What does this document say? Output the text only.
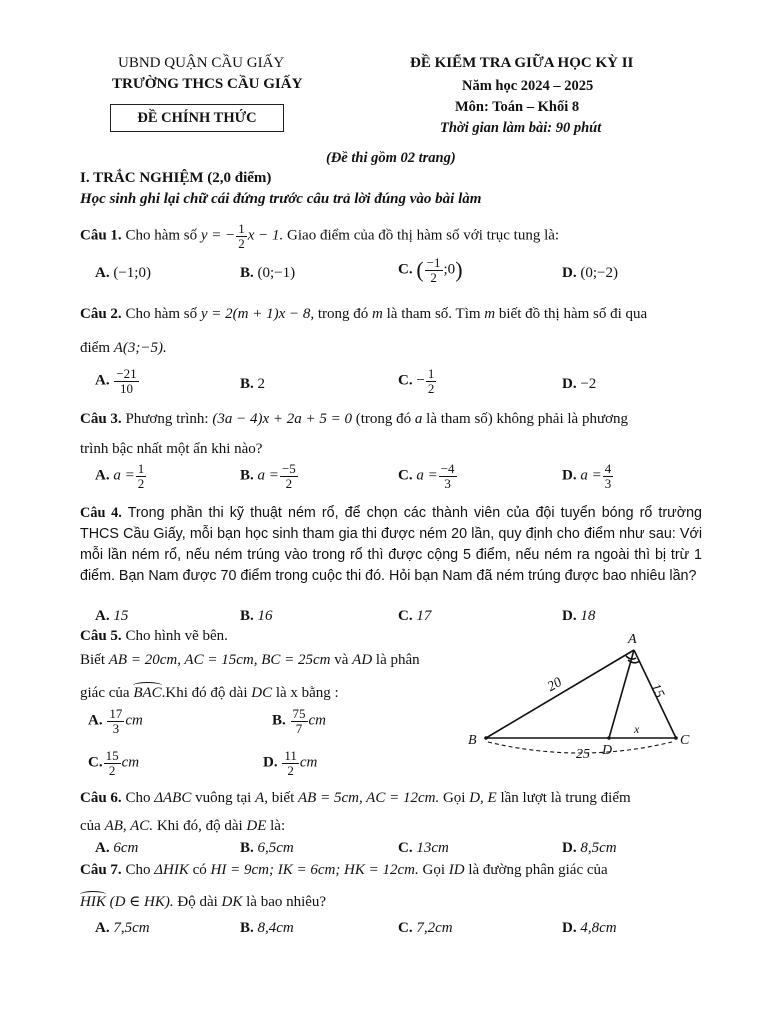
UBND QUẬN CẦU GIẤY
TRƯỜNG THCS CẦU GIẤY
ĐỀ CHÍNH THỨC
ĐỀ KIỂM TRA GIỮA HỌC KỲ II
Năm học 2024 – 2025
Môn: Toán – Khối 8
Thời gian làm bài: 90 phút
(Đề thi gồm 02 trang)
I. TRẮC NGHIỆM (2,0 điểm)
Học sinh ghi lại chữ cái đứng trước câu trả lời đúng vào bài làm
Câu 1. Cho hàm số y = − $\frac{1}{2}$ x − 1. Giao điểm của đồ thị hàm số với trục tung là:
A. (−1;0)	B. (0;−1)	C. ( $\frac{-1}{2}$ ;0)	D. (0;−2)
Câu 2. Cho hàm số y = 2(m + 1)x − 8, trong đó m là tham số. Tìm m biết đồ thị hàm số đi qua
điểm A(3;−5).
A. $\frac{-21}{10}$	B. 2	C. − $\frac{1}{2}$	D. −2
Câu 3. Phương trình: (3a − 4)x + 2a + 5 = 0 (trong đó a là tham số) không phải là phương
trình bậc nhất một ẩn khi nào?
A. $a = \frac{1}{2}$	B. $a = \frac{-5}{2}$	C. $a = \frac{-4}{3}$	D. $a = \frac{4}{3}$
Câu 4. Trong phần thi kỹ thuật ném rổ, để chọn các thành viên của đội tuyển bóng rổ trường THCS Cầu Giấy, mỗi bạn học sinh tham gia thi được ném 20 lần, quy định cho điểm như sau: Với mỗi lần ném rổ, nếu ném trúng vào trong rổ thì được cộng 5 điểm, nếu ném ra ngoài thì bị trừ 1 điểm. Bạn Nam được 70 điểm trong cuộc thi đó. Hỏi bạn Nam đã ném trúng được bao nhiêu lần?
A. 15	B. 16	C. 17	D. 18
Câu 5. Cho hình vẽ bên.
Biết AB = 20cm, AC = 15cm, BC = 25cm và AD là phân
giác của BAC.Khi đó độ dài DC là x bằng :
A. $\frac{17}{3}$ cm	B. $\frac{75}{7}$ cm
C. $\frac{15}{2}$ cm	D. $\frac{11}{2}$ cm
A
B	C
D
20	15
25
x
Câu 6. Cho ΔABC vuông tại A, biết AB = 5cm, AC = 12cm. Gọi D, E lần lượt là trung điểm
của AB, AC. Khi đó, độ dài DE là:
A. 6cm	B. 6,5cm	C. 13cm	D. 8,5cm
Câu 7. Cho ΔHIK có HI = 9cm; IK = 6cm; HK = 12cm. Gọi ID là đường phân giác của
HIK (D ∈ HK). Độ dài DK là bao nhiêu?
A. 7,5cm	B. 8,4cm	C. 7,2cm	D. 4,8cm
